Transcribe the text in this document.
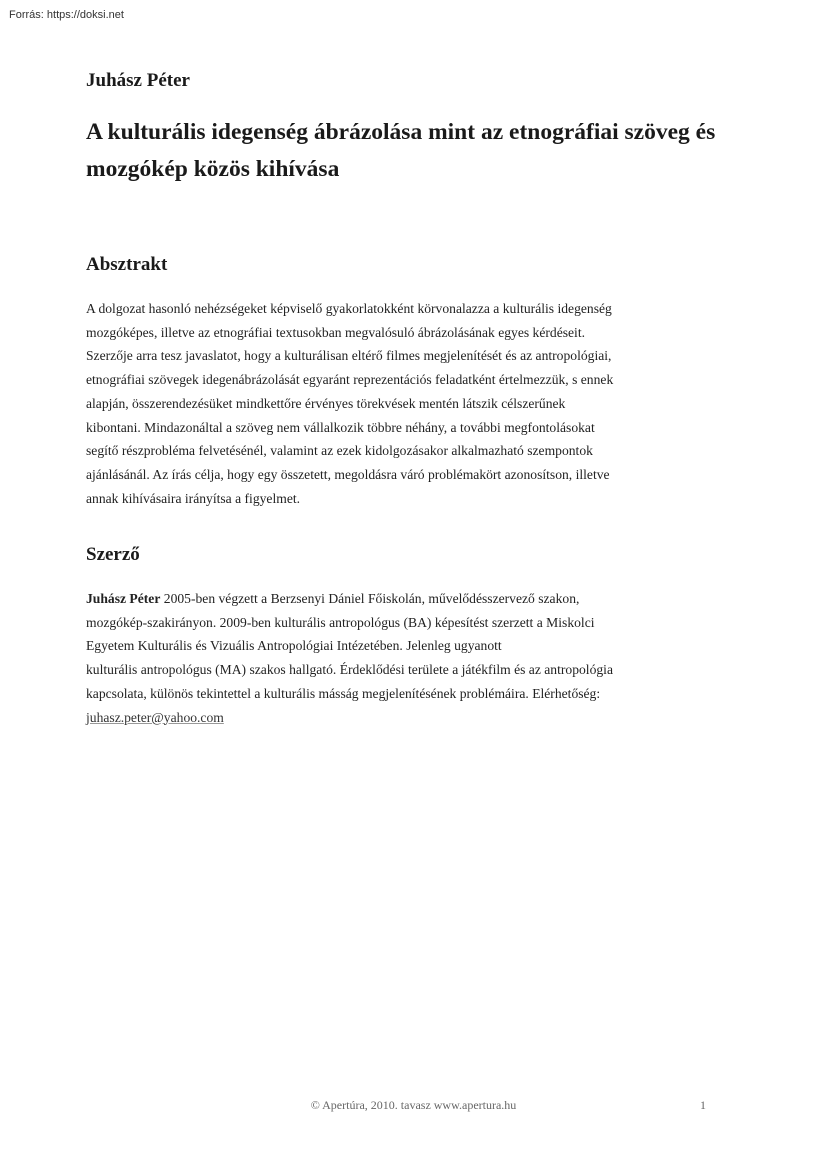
Forrás: https://doksi.net
Juhász Péter
A kulturális idegenség ábrázolása mint az etnográfiai szöveg és mozgókép közös kihívása
Absztrakt

A dolgozat hasonló nehézségeket képviselő gyakorlatokként körvonalazza a kulturális idegenség
mozgóképes, illetve az etnográfiai textusokban megvalósuló ábrázolásának egyes kérdéseit.
Szerzője arra tesz javaslatot, hogy a kulturálisan eltérő filmes megjelenítését és az antropológiai,
etnográfiai szövegek idegenábrázolását egyaránt reprezentációs feladatként értelmezzük, s ennek
alapján, összerendezésüket mindkettőre érvényes törekvések mentén látszik célszerűnek
kibontani. Mindazonáltal a szöveg nem vállalkozik többre néhány, a további megfontolásokat
segítő részprobléma felvetésénél, valamint az ezek kidolgozásakor alkalmazható szempontok
ajánlásánál. Az írás célja, hogy egy összetett, megoldásra váró problémakört azonosítson, illetve
annak kihívásaira irányítsa a figyelmet.

Szerző

Juhász Péter 2005-ben végzett a Berzsenyi Dániel Főiskolán, művelődésszervező szakon,
mozgókép-szakirányon. 2009-ben kulturális antropológus (BA) képesítést szerzett a Miskolci
Egyetem Kulturális és Vizuális Antropológiai Intézetében. Jelenleg ugyanott
kulturális antropológus (MA) szakos hallgató. Érdeklődési területe a játékfilm és az antropológia
kapcsolata, különös tekintettel a kulturális másság megjelenítésének problémáira. Elérhetőség:
juhasz.peter@yahoo.com

© Apertúra, 2010. tavasz www.apertura.hu	1
